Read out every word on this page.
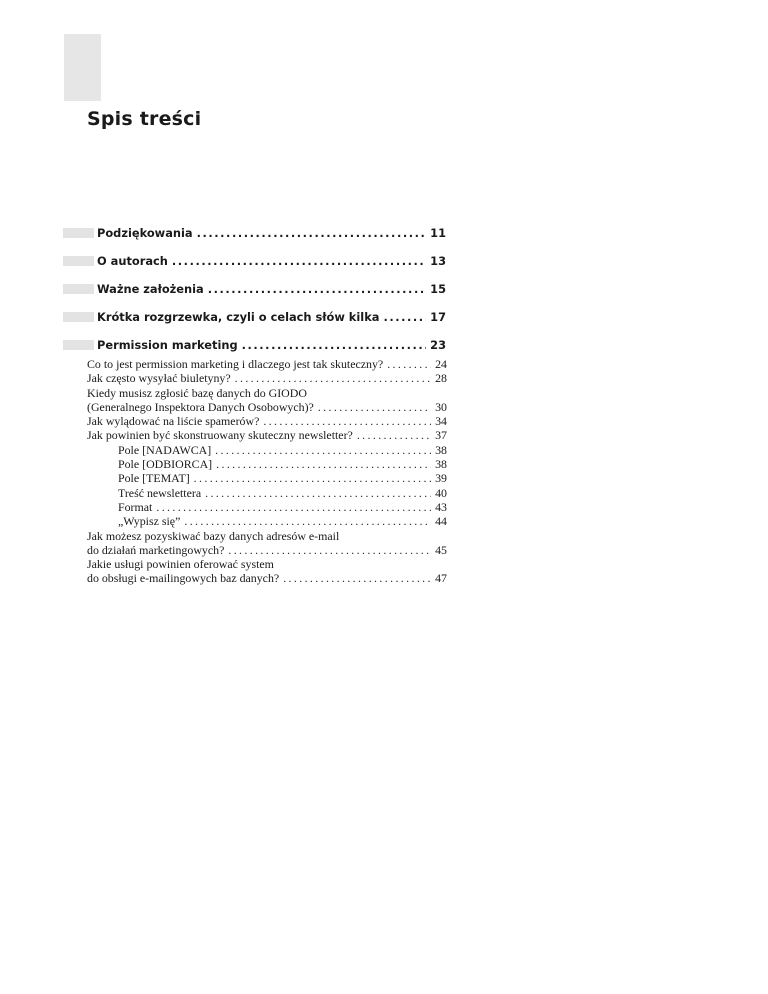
Spis treści
Podziękowania . . .	11
O autorach . . .	13
Ważne założenia . . .	15
Krótka rozgrzewka, czyli o celach słów kilka . . .	17
Permission marketing . . .	23
Co to jest permission marketing i dlaczego jest tak skuteczny? . . .	24
Jak często wysyłać biuletyny? . . .	28
Kiedy musisz zgłosić bazę danych do GIODO
(Generalnego Inspektora Danych Osobowych)? . . .	30
Jak wylądować na liście spamerów? . . .	34
Jak powinien być skonstruowany skuteczny newsletter? . . .	37
Pole [NADAWCA] . . .	38
Pole [ODBIORCA] . . .	38
Pole [TEMAT] . . .	39
Treść newslettera . . .	40
Format . . .	43
„Wypisz się” . . .	44
Jak możesz pozyskiwać bazy danych adresów e-mail
do działań marketingowych? . . .	45
Jakie usługi powinien oferować system
do obsługi e-mailingowych baz danych? . . .	47
